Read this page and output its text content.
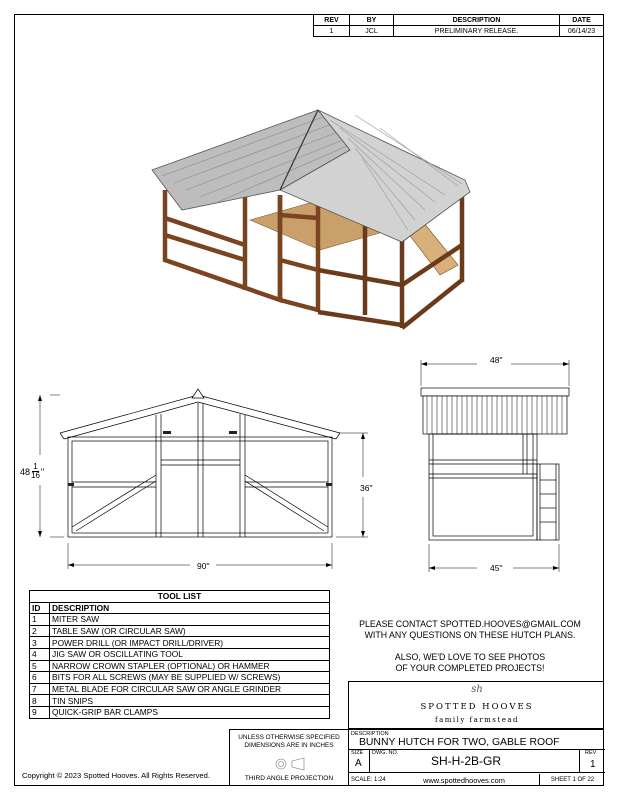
REV	BY	DESCRIPTION	DATE
1	JCL	PRELIMINARY RELEASE.	06/14/23
90"
$48 \frac{1}{16}$ "
36"
48"
45"
TOOL LIST	
ID	DESCRIPTION
1	MITER SAW
2	TABLE SAW (OR CIRCULAR SAW)
3	POWER DRILL (OR IMPACT DRILL/DRIVER)
4	JIG SAW OR OSCILLATING TOOL
5	NARROW CROWN STAPLER (OPTIONAL) OR HAMMER
6	BITS FOR ALL SCREWS (MAY BE SUPPLIED W/ SCREWS)
7	METAL BLADE FOR CIRCULAR SAW OR ANGLE GRINDER
8	TIN SNIPS
9	QUICK-GRIP BAR CLAMPS
PLEASE CONTACT SPOTTED.HOOVES@GMAIL.COM
WITH ANY QUESTIONS ON THESE HUTCH PLANS.
ALSO, WE'D LOVE TO SEE PHOTOS
OF YOUR COMPLETED PROJECTS!
sh
SPOTTED HOOVES
family farmstead
UNLESS OTHERWISE SPECIFIED
DIMENSIONS ARE IN INCHES
THIRD ANGLE PROJECTION
DESCRIPTION
BUNNY HUTCH FOR TWO, GABLE ROOF
SIZE
A
DWG. NO.
SH-H-2B-GR
REV
1
SCALE: 1:24	www.spottedhooves.com	SHEET 1 OF 22
Copyright © 2023 Spotted Hooves. All Rights Reserved.
